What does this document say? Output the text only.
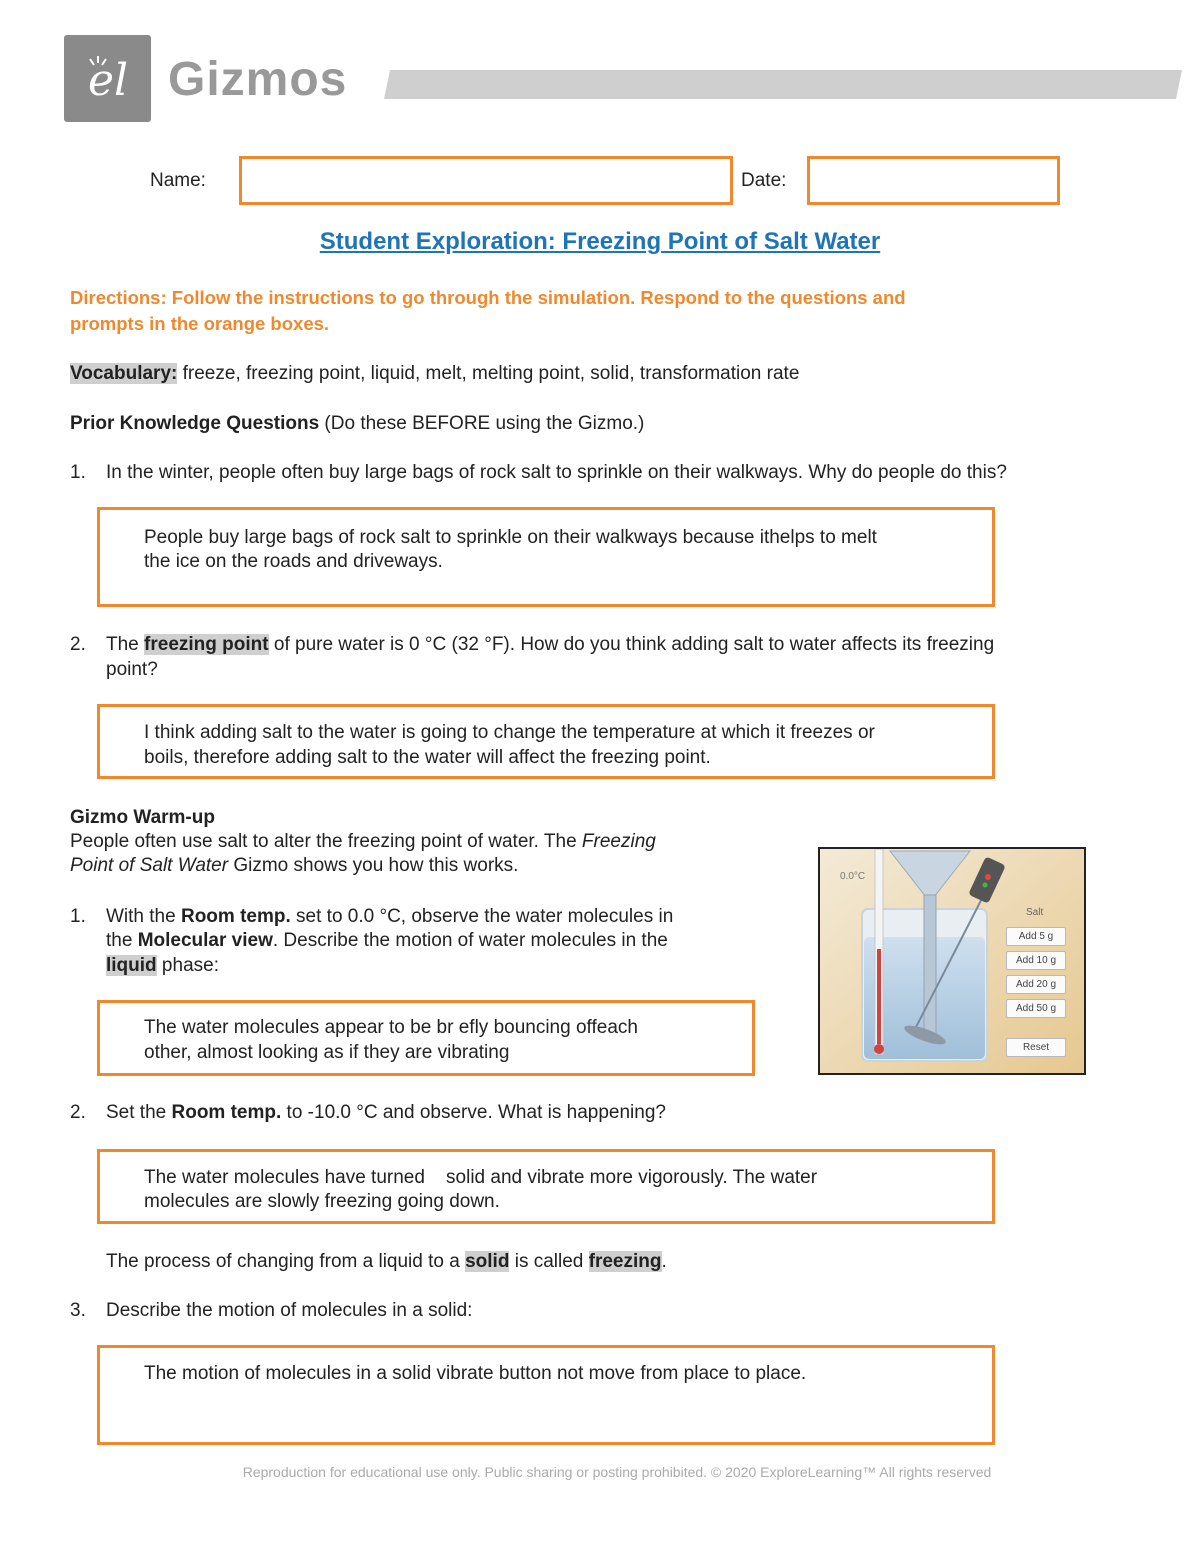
el Gizmos
Name:	Date:
Student Exploration: Freezing Point of Salt Water
Directions: Follow the instructions to go through the simulation. Respond to the questions and
prompts in the orange boxes.
Vocabulary: freeze, freezing point, liquid, melt, melting point, solid, transformation rate
Prior Knowledge Questions (Do these BEFORE using the Gizmo.)
1. In the winter, people often buy large bags of rock salt to sprinkle on their walkways. Why do people do this?
People buy large bags of rock salt to sprinkle on their walkways because ithelps to melt
the ice on the roads and driveways.
2. The freezing point of pure water is 0 °C (32 °F). How do you think adding salt to water affects its freezing
point?
I think adding salt to the water is going to change the temperature at which it freezes or
boils, therefore adding salt to the water will affect the freezing point.
Gizmo Warm-up
People often use salt to alter the freezing point of water. The Freezing
Point of Salt Water Gizmo shows you how this works.
1. With the Room temp. set to 0.0 °C, observe the water molecules in
the Molecular view. Describe the motion of water molecules in the
liquid phase:
The water molecules appear to be br efly bouncing offeach
other, almost looking as if they are vibrating
0.0°C
Salt
Add 5 g
Add 10 g
Add 20 g
Add 50 g
Reset
2. Set the Room temp. to -10.0 °C and observe. What is happening?
The water molecules have turned    solid and vibrate more vigorously. The water
molecules are slowly freezing going down.
The process of changing from a liquid to a solid is called freezing.
3. Describe the motion of molecules in a solid:
The motion of molecules in a solid vibrate button not move from place to place.
Reproduction for educational use only. Public sharing or posting prohibited. © 2020 ExploreLearning™ All rights reserved
